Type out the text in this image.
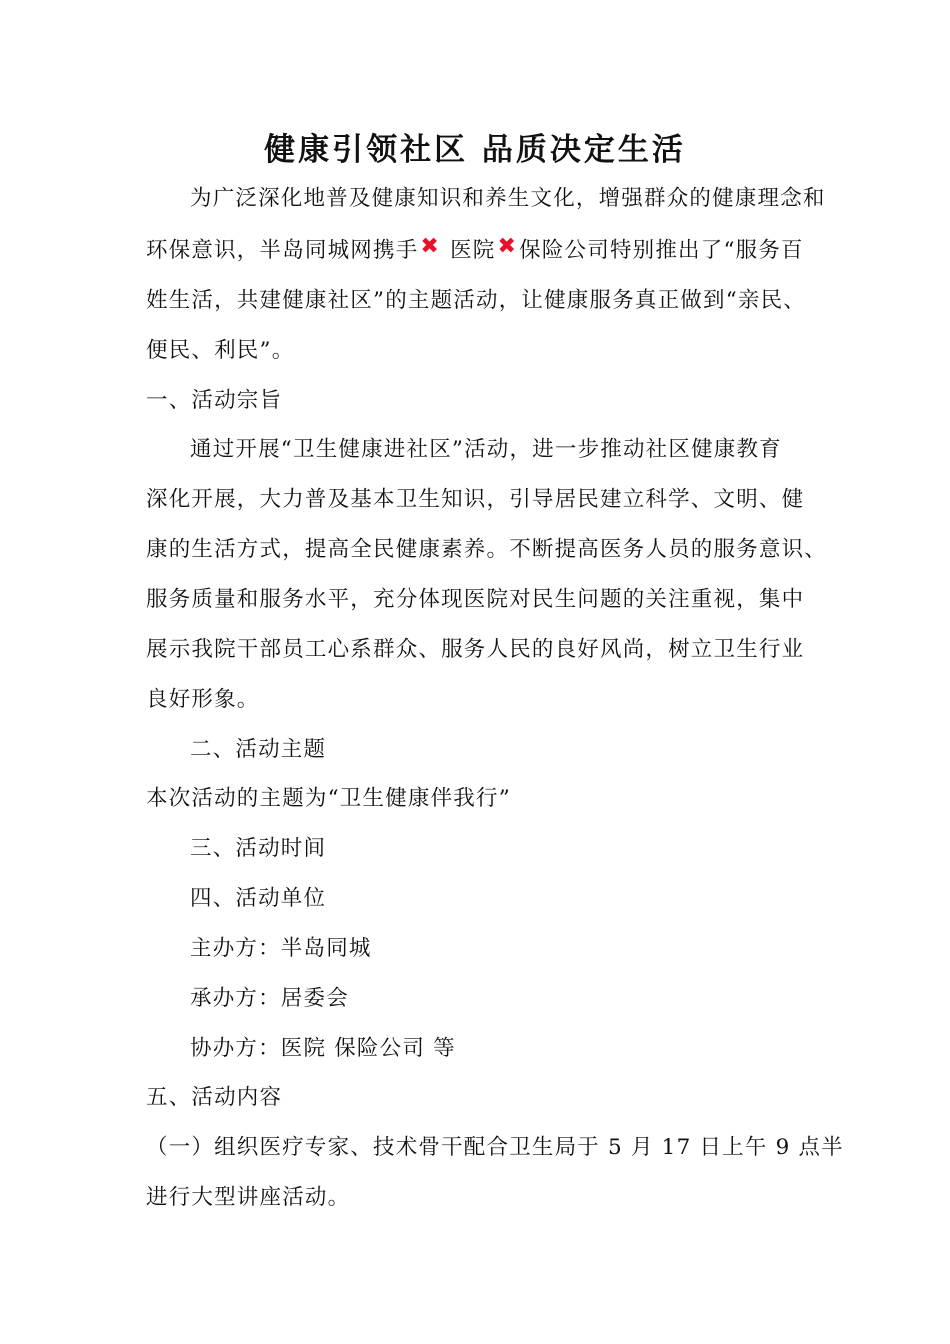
健康引领社区 品质决定生活
为广泛深化地普及健康知识和养生文化，增强群众的健康理念和
环保意识，半岛同城网携手✖ 医院✖保险公司特别推出了“服务百
姓生活，共建健康社区”的主题活动，让健康服务真正做到“亲民、
便民、利民”。
一、活动宗旨
通过开展“卫生健康进社区”活动，进一步推动社区健康教育
深化开展，大力普及基本卫生知识，引导居民建立科学、文明、健
康的生活方式，提高全民健康素养。不断提高医务人员的服务意识、
服务质量和服务水平，充分体现医院对民生问题的关注重视，集中
展示我院干部员工心系群众、服务人民的良好风尚，树立卫生行业
良好形象。
二、活动主题
本次活动的主题为“卫生健康伴我行”
三、活动时间
四、活动单位
主办方：半岛同城
承办方：居委会
协办方：医院 保险公司 等
五、活动内容
（一）组织医疗专家、技术骨干配合卫生局于 5 月 17 日上午 9 点半
进行大型讲座活动。
